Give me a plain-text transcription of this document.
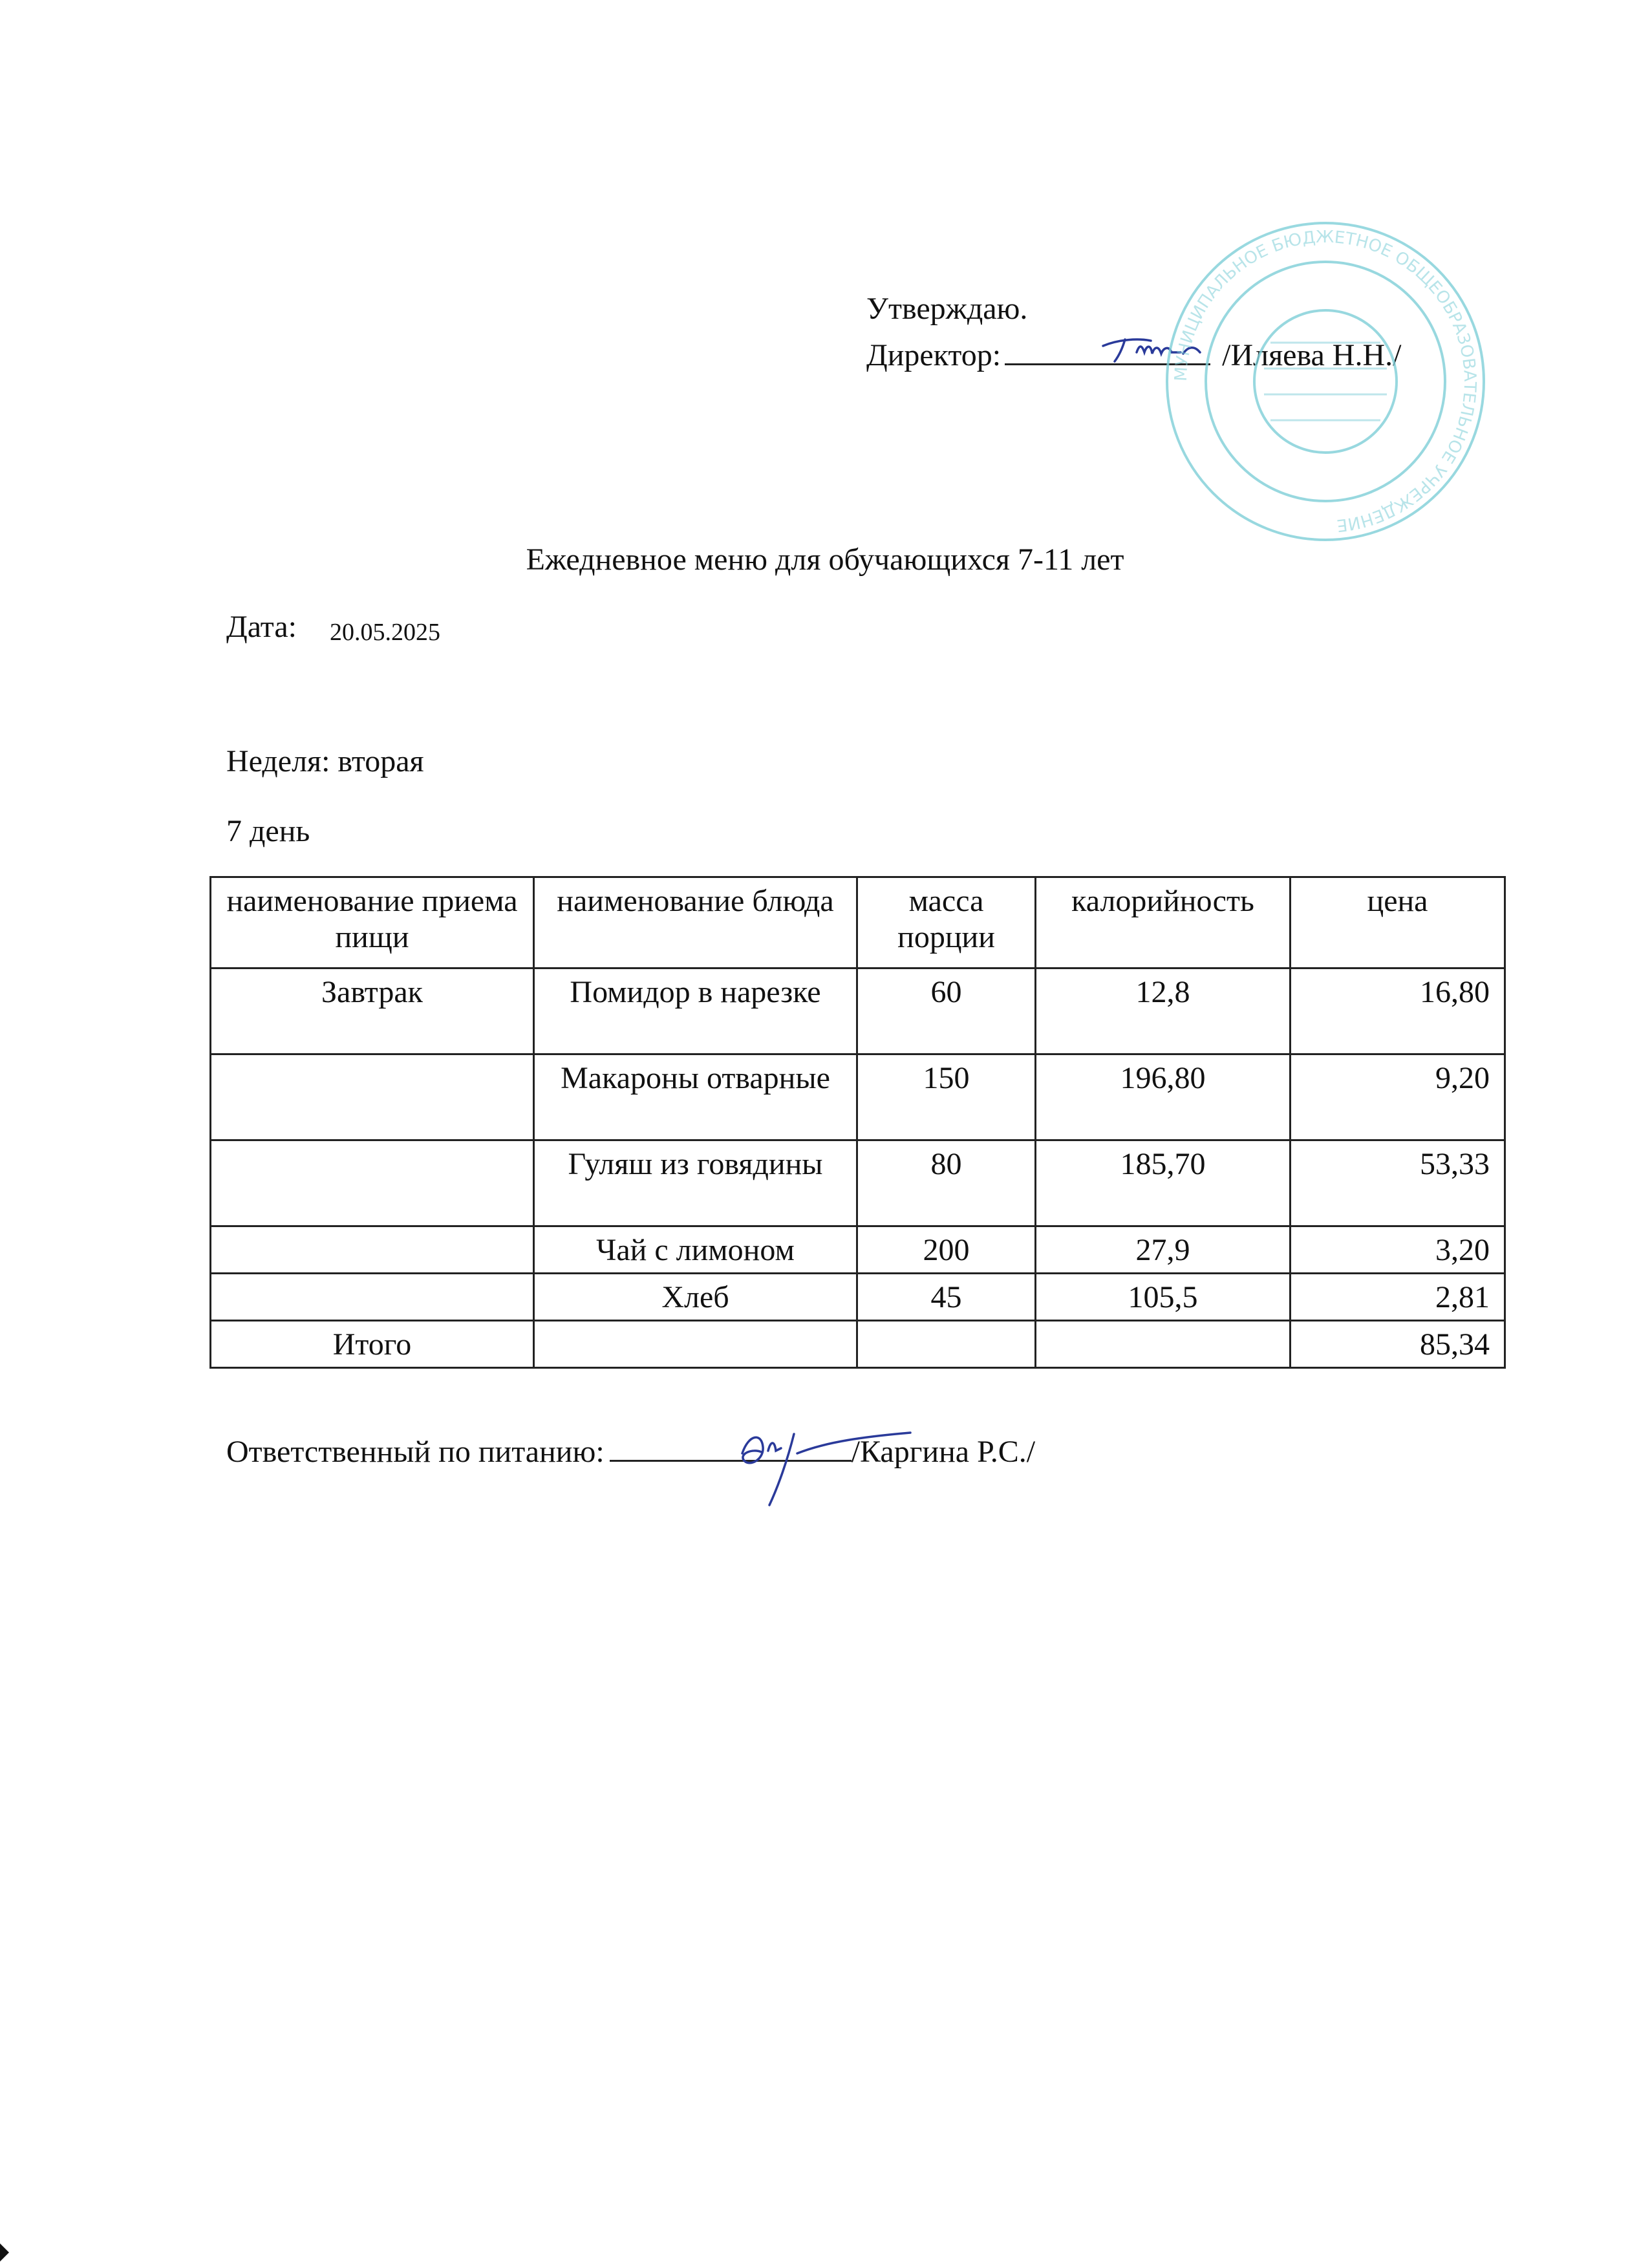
Утверждаю.
Директор:	/Иляева Н.Н./
МУНИЦИПАЛЬНОЕ БЮДЖЕТНОЕ ОБЩЕОБРАЗОВАТЕЛЬНОЕ УЧРЕЖДЕНИЕ
Ежедневное меню для обучающихся 7-11 лет
Дата: 20.05.2025
Неделя: вторая
7 день
наименование приема пищи	наименование блюда	масса порции	калорийность	цена
Завтрак	Помидор в нарезке	60	12,8	16,80
	Макароны отварные	150	196,80	9,20
	Гуляш из говядины	80	185,70	53,33
	Чай с лимоном	200	27,9	3,20
	Хлеб	45	105,5	2,81
Итого				85,34
Ответственный по питанию:	/Каргина Р.С./
